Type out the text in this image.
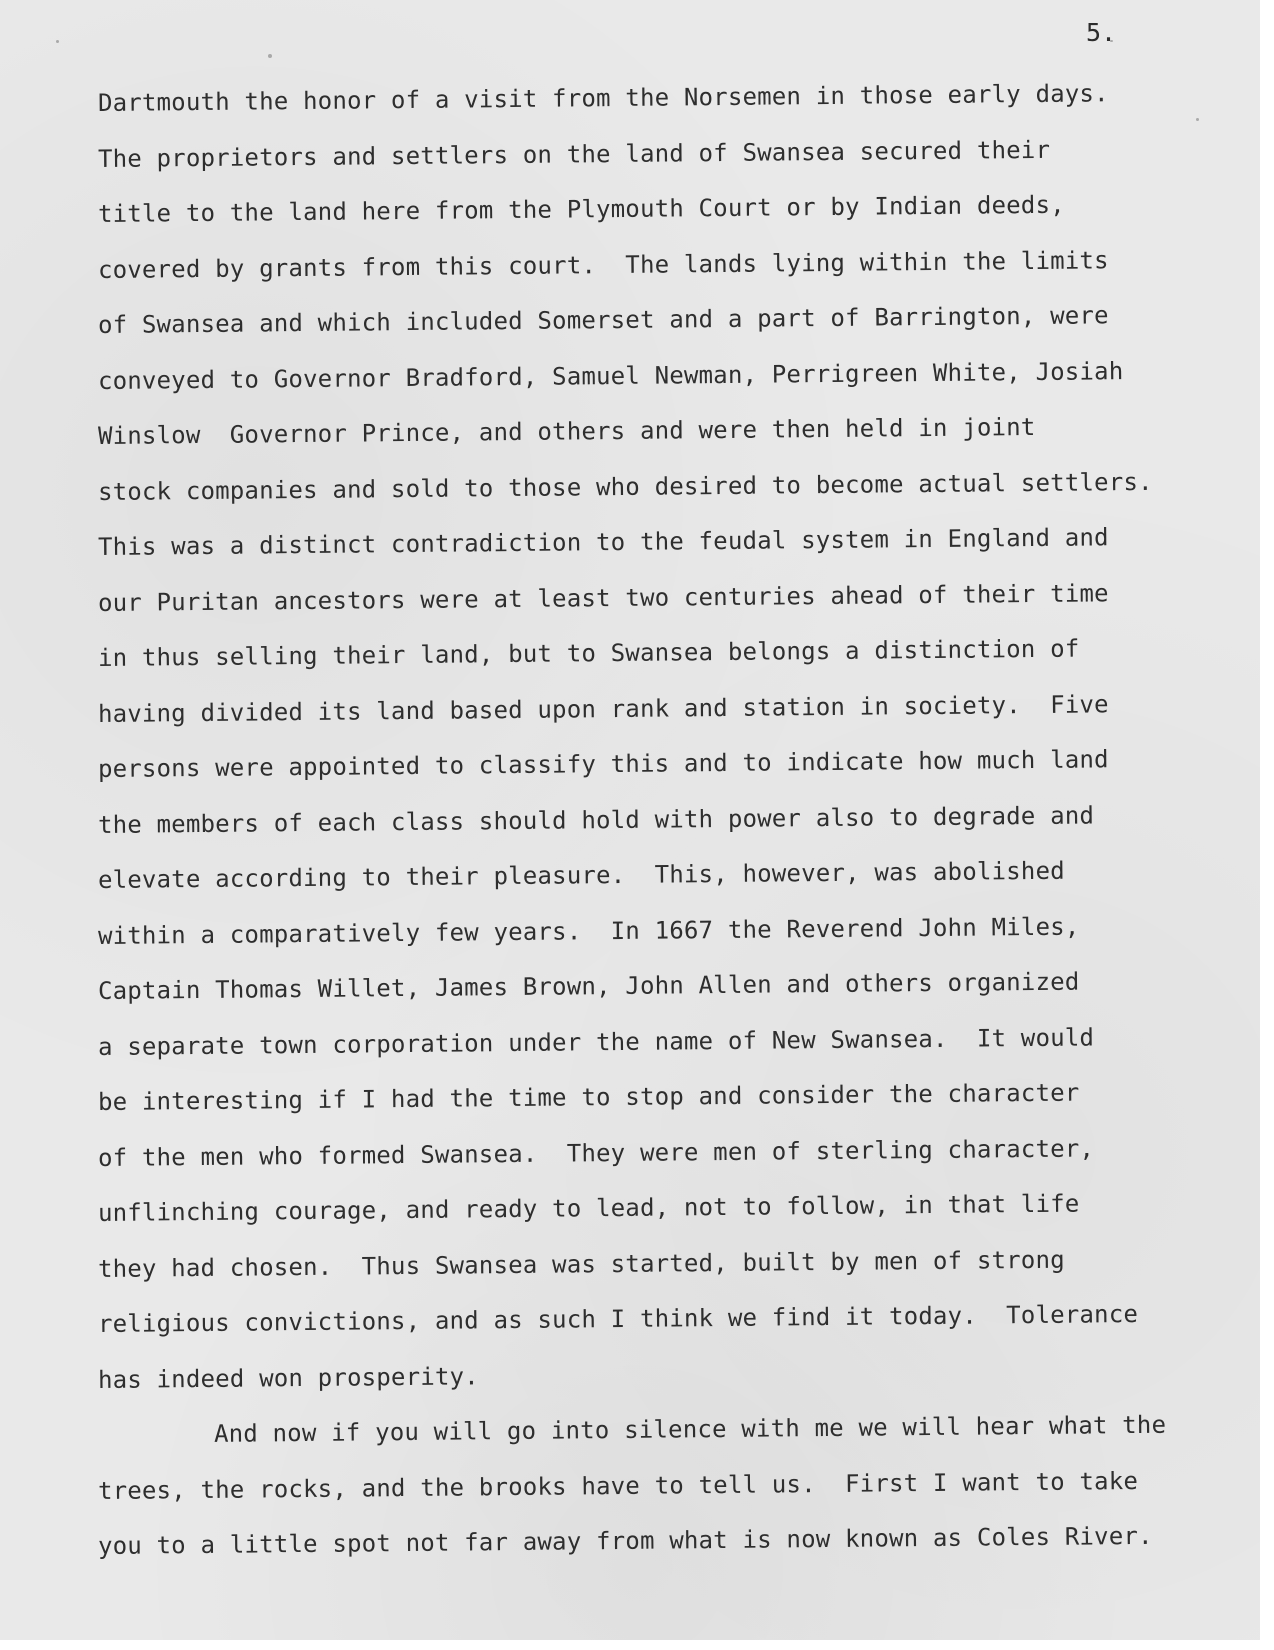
5.
Dartmouth the honor of a visit from the Norsemen in those early days.
The proprietors and settlers on the land of Swansea secured their
title to the land here from the Plymouth Court or by Indian deeds,
covered by grants from this court.  The lands lying within the limits
of Swansea and which included Somerset and a part of Barrington, were
conveyed to Governor Bradford, Samuel Newman, Perrigreen White, Josiah
Winslow  Governor Prince, and others and were then held in joint
stock companies and sold to those who desired to become actual settlers.
This was a distinct contradiction to the feudal system in England and
our Puritan ancestors were at least two centuries ahead of their time
in thus selling their land, but to Swansea belongs a distinction of
having divided its land based upon rank and station in society.  Five
persons were appointed to classify this and to indicate how much land
the members of each class should hold with power also to degrade and
elevate according to their pleasure.  This, however, was abolished
within a comparatively few years.  In 1667 the Reverend John Miles,
Captain Thomas Willet, James Brown, John Allen and others organized
a separate town corporation under the name of New Swansea.  It would
be interesting if I had the time to stop and consider the character
of the men who formed Swansea.  They were men of sterling character,
unflinching courage, and ready to lead, not to follow, in that life
they had chosen.  Thus Swansea was started, built by men of strong
religious convictions, and as such I think we find it today.  Tolerance
has indeed won prosperity.
And now if you will go into silence with me we will hear what the
trees, the rocks, and the brooks have to tell us.  First I want to take
you to a little spot not far away from what is now known as Coles River.
